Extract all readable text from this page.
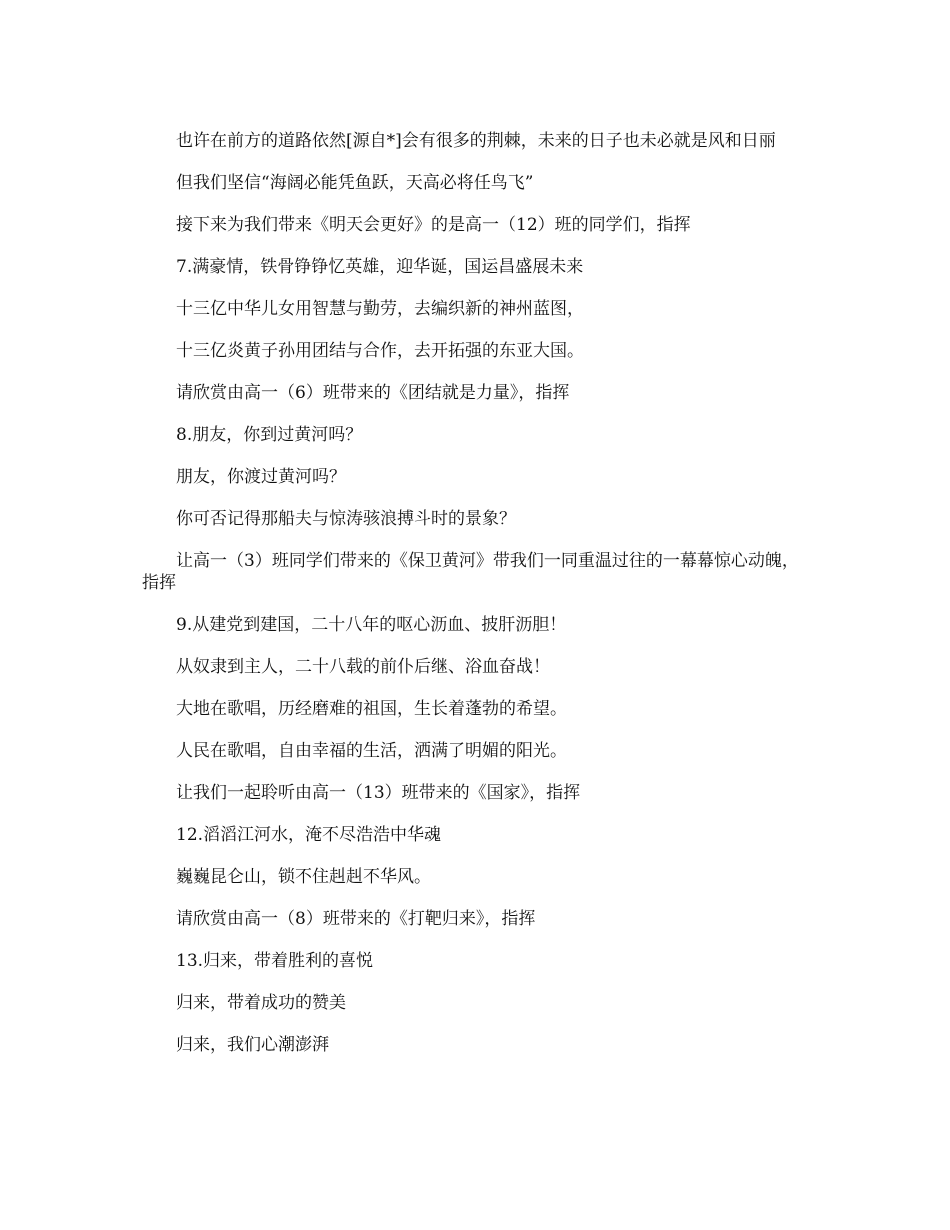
也许在前方的道路依然[源自*]会有很多的荆棘，未来的日子也未必就是风和日丽

但我们坚信“海阔必能凭鱼跃，天高必将任鸟飞”

接下来为我们带来《明天会更好》的是高一（12）班的同学们，指挥

7.满豪情，铁骨铮铮忆英雄，迎华诞，国运昌盛展未来

十三亿中华儿女用智慧与勤劳，去编织新的神州蓝图，

十三亿炎黄子孙用团结与合作，去开拓强的东亚大国。

请欣赏由高一（6）班带来的《团结就是力量》，指挥

8.朋友，你到过黄河吗？

朋友，你渡过黄河吗？

你可否记得那船夫与惊涛骇浪搏斗时的景象？

让高一（3）班同学们带来的《保卫黄河》带我们一同重温过往的一幕幕惊心动魄，指挥

9.从建党到建国，二十八年的呕心沥血、披肝沥胆！

从奴隶到主人，二十八载的前仆后继、浴血奋战！

大地在歌唱，历经磨难的祖国，生长着蓬勃的希望。

人民在歌唱，自由幸福的生活，洒满了明媚的阳光。

让我们一起聆听由高一（13）班带来的《国家》，指挥

12.滔滔江河水，淹不尽浩浩中华魂

巍巍昆仑山，锁不住赳赳不华风。

请欣赏由高一（8）班带来的《打靶归来》，指挥

13.归来，带着胜利的喜悦

归来，带着成功的赞美

归来，我们心潮澎湃
